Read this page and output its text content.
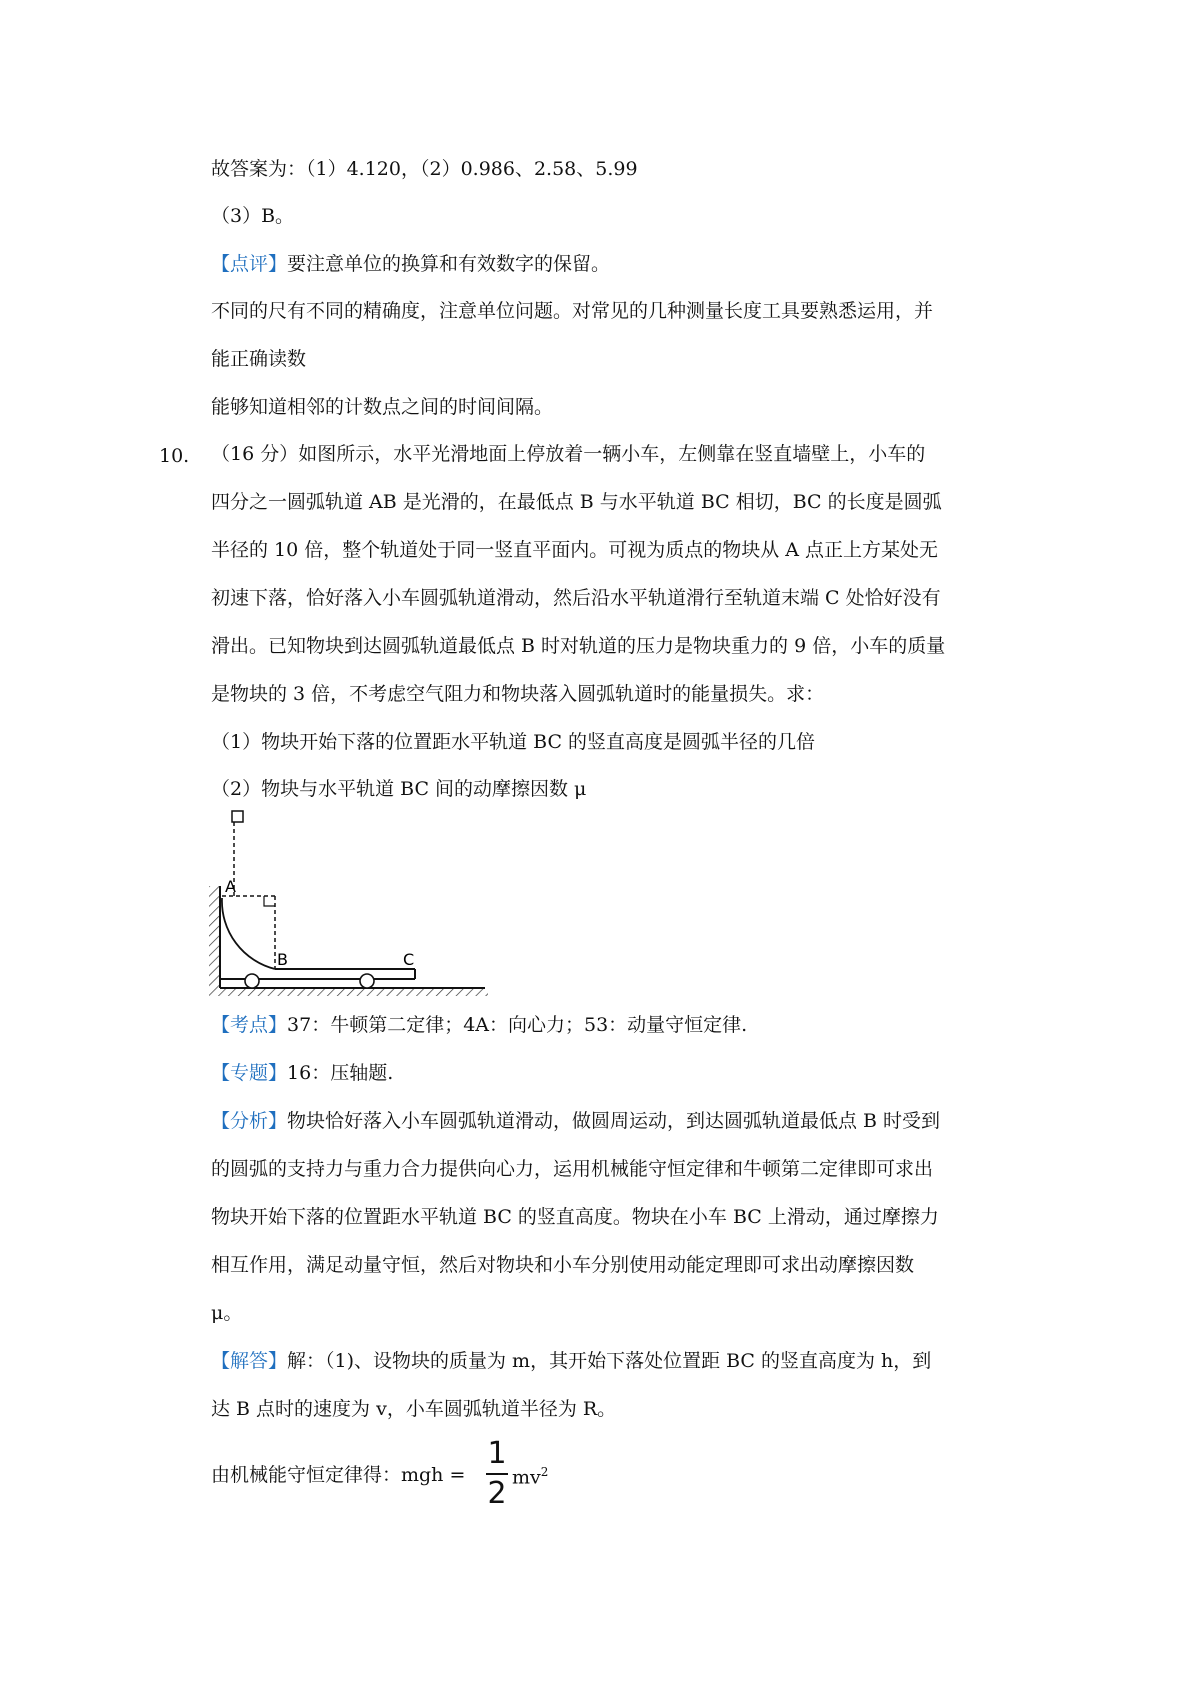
故答案为：（1）4.120，（2）0.986、2.58、5.99
（3）B。
【点评】要注意单位的换算和有效数字的保留。
不同的尺有不同的精确度，注意单位问题。对常见的几种测量长度工具要熟悉运用，并
能正确读数
能够知道相邻的计数点之间的时间间隔。
10. （16 分）如图所示，水平光滑地面上停放着一辆小车，左侧靠在竖直墙壁上，小车的
四分之一圆弧轨道 AB 是光滑的，在最低点 B 与水平轨道 BC 相切，BC 的长度是圆弧
半径的 10 倍，整个轨道处于同一竖直平面内。可视为质点的物块从 A 点正上方某处无
初速下落，恰好落入小车圆弧轨道滑动，然后沿水平轨道滑行至轨道末端 C 处恰好没有
滑出。已知物块到达圆弧轨道最低点 B 时对轨道的压力是物块重力的 9 倍，小车的质量
是物块的 3 倍，不考虑空气阻力和物块落入圆弧轨道时的能量损失。求：
（1）物块开始下落的位置距水平轨道 BC 的竖直高度是圆弧半径的几倍
（2）物块与水平轨道 BC 间的动摩擦因数 μ
A
B	C
【考点】37：牛顿第二定律；4A：向心力；53：动量守恒定律.
【专题】16：压轴题.
【分析】物块恰好落入小车圆弧轨道滑动，做圆周运动，到达圆弧轨道最低点 B 时受到
的圆弧的支持力与重力合力提供向心力，运用机械能守恒定律和牛顿第二定律即可求出
物块开始下落的位置距水平轨道 BC 的竖直高度。物块在小车 BC 上滑动，通过摩擦力
相互作用，满足动量守恒，然后对物块和小车分别使用动能定理即可求出动摩擦因数
μ。
【解答】解：（1)、设物块的质量为 m，其开始下落处位置距 BC 的竖直高度为 h，到
达 B 点时的速度为 v，小车圆弧轨道半径为 R。
由机械能守恒定律得：mgh =
1
2 $mv^2$
